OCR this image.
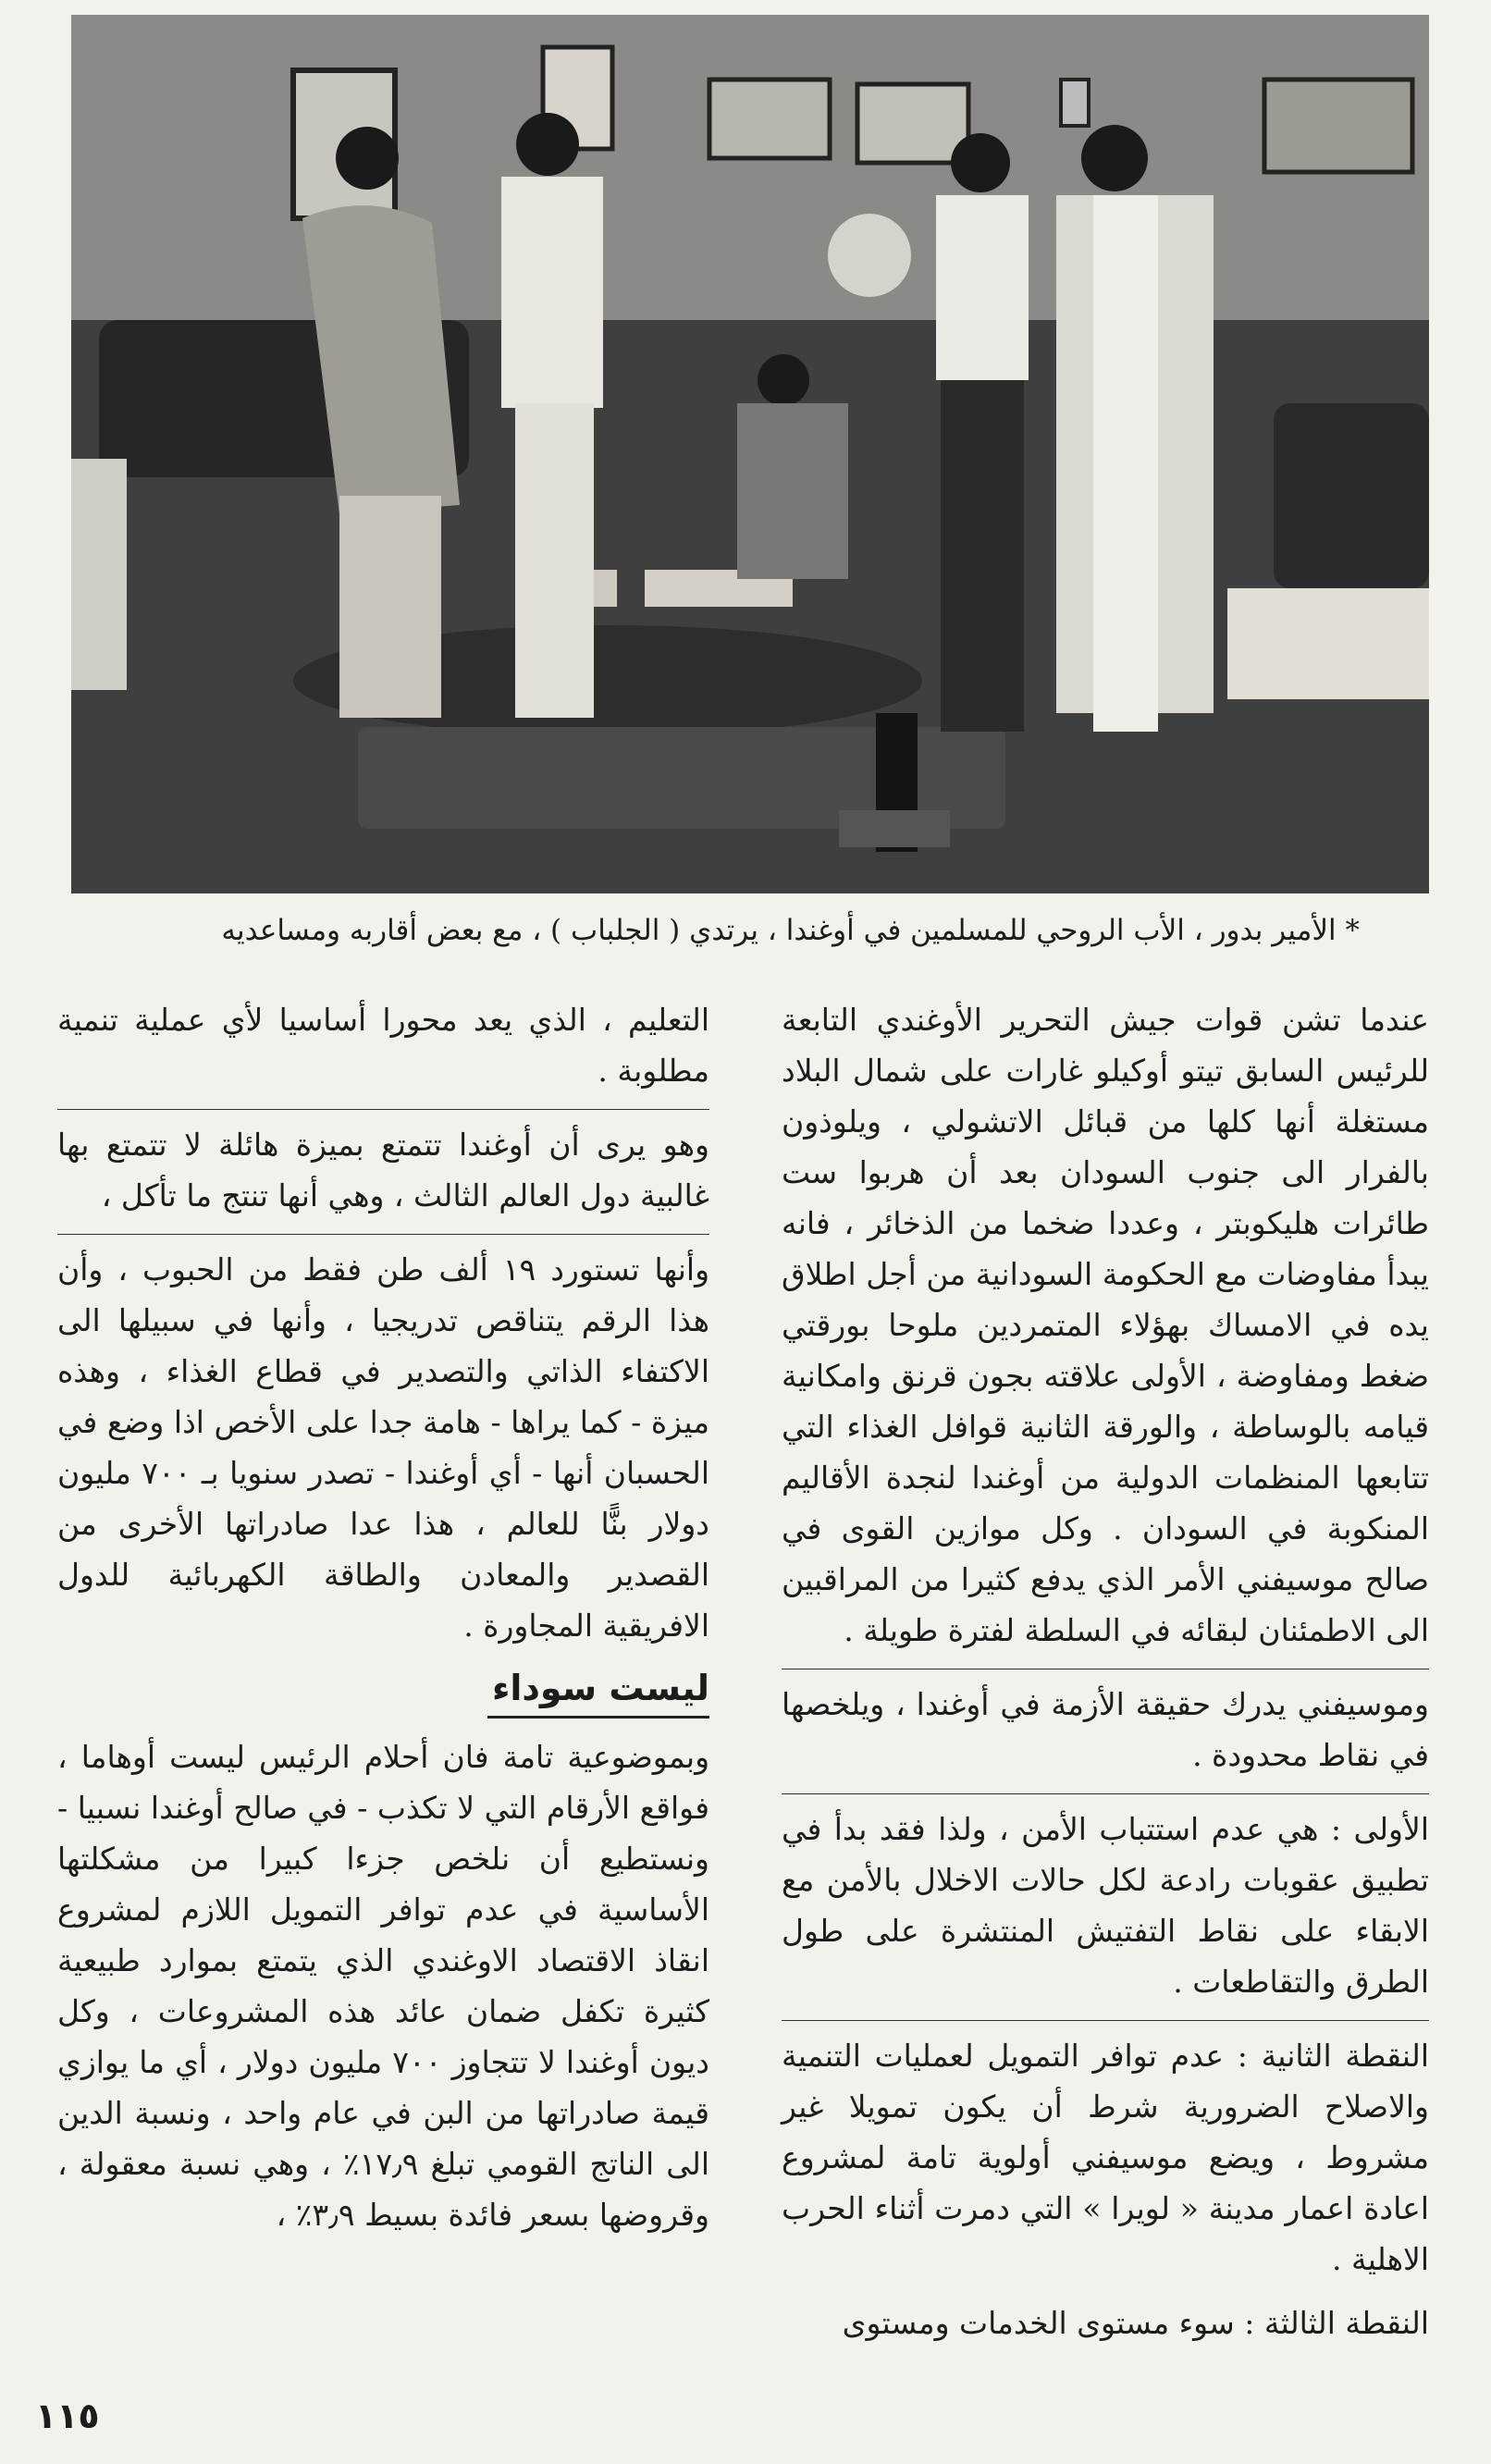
* الأمير بدور ، الأب الروحي للمسلمين في أوغندا ، يرتدي ( الجلباب ) ، مع بعض أقاربه ومساعديه

عندما تشن قوات جيش التحرير الأوغندي التابعة للرئيس السابق تيتو أوكيلو غارات على شمال البلاد مستغلة أنها كلها من قبائل الاتشولي ، ويلوذون بالفرار الى جنوب السودان بعد أن هربوا ست طائرات هليكوبتر ، وعددا ضخما من الذخائر ، فانه يبدأ مفاوضات مع الحكومة السودانية من أجل اطلاق يده في الامساك بهؤلاء المتمردين ملوحا بورقتي ضغط ومفاوضة ، الأولى علاقته بجون قرنق وامكانية قيامه بالوساطة ، والورقة الثانية قوافل الغذاء التي تتابعها المنظمات الدولية من أوغندا لنجدة الأقاليم المنكوبة في السودان . وكل موازين القوى في صالح موسيفني الأمر الذي يدفع كثيرا من المراقبين الى الاطمئنان لبقائه في السلطة لفترة طويلة .

وموسيفني يدرك حقيقة الأزمة في أوغندا ، ويلخصها في نقاط محدودة .

الأولى : هي عدم استتباب الأمن ، ولذا فقد بدأ في تطبيق عقوبات رادعة لكل حالات الاخلال بالأمن مع الابقاء على نقاط التفتيش المنتشرة على طول الطرق والتقاطعات .

النقطة الثانية : عدم توافر التمويل لعمليات التنمية والاصلاح الضرورية شرط أن يكون تمويلا غير مشروط ، ويضع موسيفني أولوية تامة لمشروع اعادة اعمار مدينة « لويرا » التي دمرت أثناء الحرب الاهلية .

النقطة الثالثة : سوء مستوى الخدمات ومستوى

التعليم ، الذي يعد محورا أساسيا لأي عملية تنمية مطلوبة .

وهو يرى أن أوغندا تتمتع بميزة هائلة لا تتمتع بها غالبية دول العالم الثالث ، وهي أنها تنتج ما تأكل ،

وأنها تستورد ١٩ ألف طن فقط من الحبوب ، وأن هذا الرقم يتناقص تدريجيا ، وأنها في سبيلها الى الاكتفاء الذاتي والتصدير في قطاع الغذاء ، وهذه ميزة - كما يراها - هامة جدا على الأخص اذا وضع في الحسبان أنها - أي أوغندا - تصدر سنويا بـ ٧٠٠ مليون دولار بنًّا للعالم ، هذا عدا صادراتها الأخرى من القصدير والمعادن والطاقة الكهربائية للدول الافريقية المجاورة .

ليست سوداء

وبموضوعية تامة فان أحلام الرئيس ليست أوهاما ، فواقع الأرقام التي لا تكذب - في صالح أوغندا نسبيا - ونستطيع أن نلخص جزءا كبيرا من مشكلتها الأساسية في عدم توافر التمويل اللازم لمشروع انقاذ الاقتصاد الاوغندي الذي يتمتع بموارد طبيعية كثيرة تكفل ضمان عائد هذه المشروعات ، وكل ديون أوغندا لا تتجاوز ٧٠٠ مليون دولار ، أي ما يوازي قيمة صادراتها من البن في عام واحد ، ونسبة الدين الى الناتج القومي تبلغ ١٧٫٩٪ ، وهي نسبة معقولة ، وقروضها بسعر فائدة بسيط ٣٫٩٪ ،

١١٥
